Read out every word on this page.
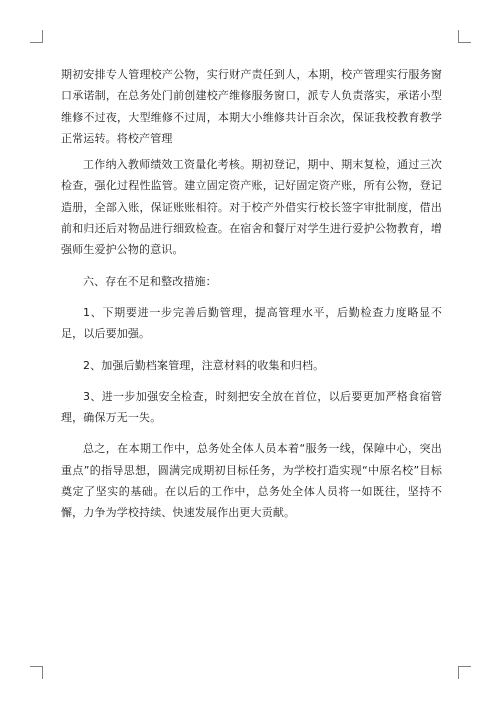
期初安排专人管理校产公物，实行财产责任到人，本期，校产管理实行服务窗口承诺制，在总务处门前创建校产维修服务窗口，派专人负责落实，承诺小型维修不过夜，大型维修不过周，本期大小维修共计百余次，保证我校教育教学正常运转。将校产管理

工作纳入教师绩效工资量化考核。期初登记，期中、期末复检，通过三次检查，强化过程性监管。建立固定资产账，记好固定资产账，所有公物，登记造册，全部入账，保证账账相符。对于校产外借实行校长签字审批制度，借出前和归还后对物品进行细致检查。在宿舍和餐厅对学生进行爱护公物教育，增强师生爱护公物的意识。

六、存在不足和整改措施：

1、下期要进一步完善后勤管理，提高管理水平，后勤检查力度略显不足，以后要加强。

2、加强后勤档案管理，注意材料的收集和归档。

3、进一步加强安全检查，时刻把安全放在首位，以后要更加严格食宿管理，确保万无一失。

总之，在本期工作中，总务处全体人员本着“服务一线，保障中心，突出重点”的指导思想，圆满完成期初目标任务，为学校打造实现“中原名校”目标奠定了坚实的基础。在以后的工作中，总务处全体人员将一如既往，坚持不懈，力争为学校持续、快速发展作出更大贡献。
